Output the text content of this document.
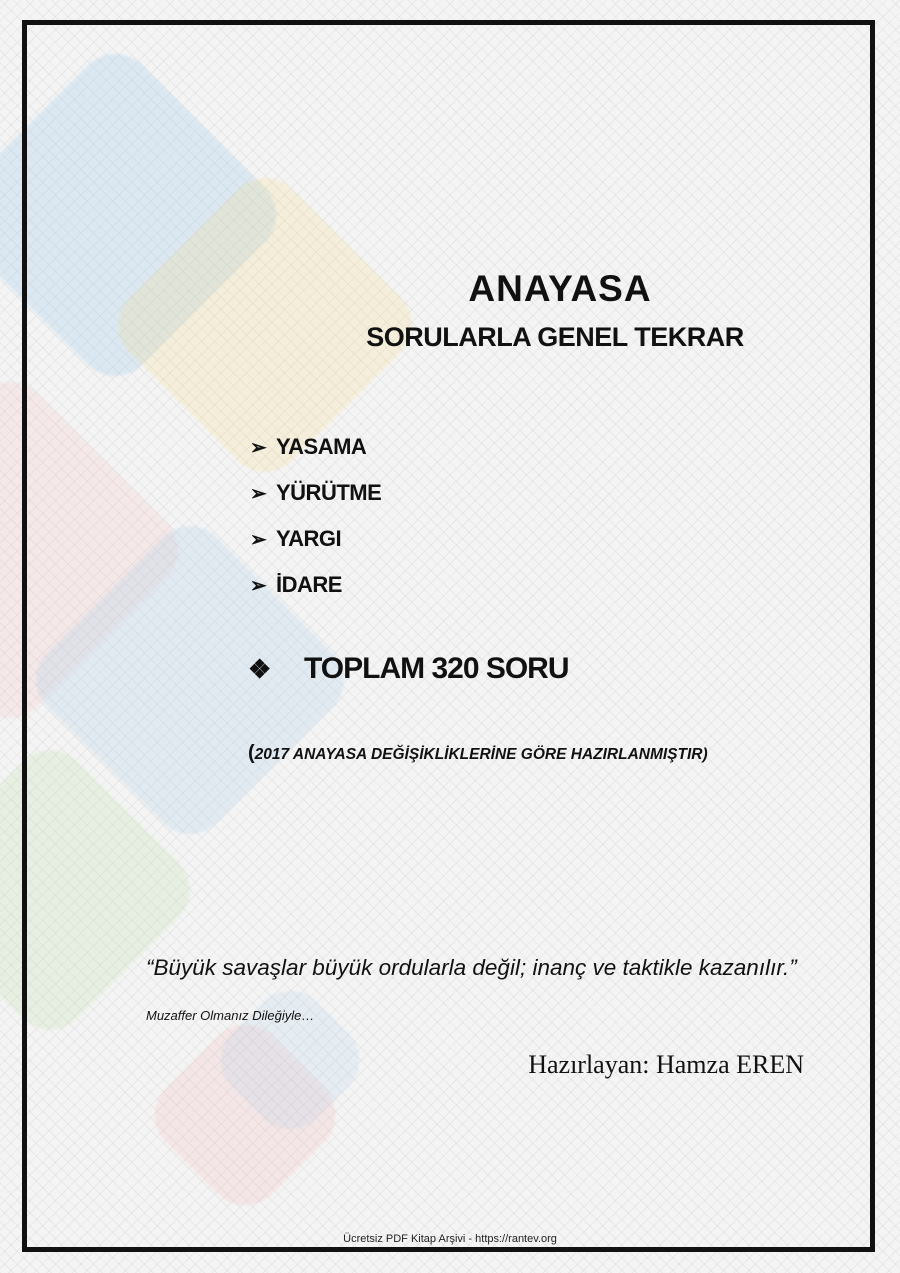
ANAYASA
SORULARLA GENEL TEKRAR
➢ YASAMA
➢ YÜRÜTME
➢ YARGI
➢ İDARE
❖	TOPLAM 320 SORU
(2017 ANAYASA DEĞİŞİKLİKLERİNE GÖRE HAZIRLANMIŞTIR)
“Büyük savaşlar büyük ordularla değil; inanç ve taktikle kazanılır.”
Muzaffer Olmanız Dileğiyle…
Hazırlayan: Hamza EREN
Ücretsiz PDF Kitap Arşivi - https://rantev.org
